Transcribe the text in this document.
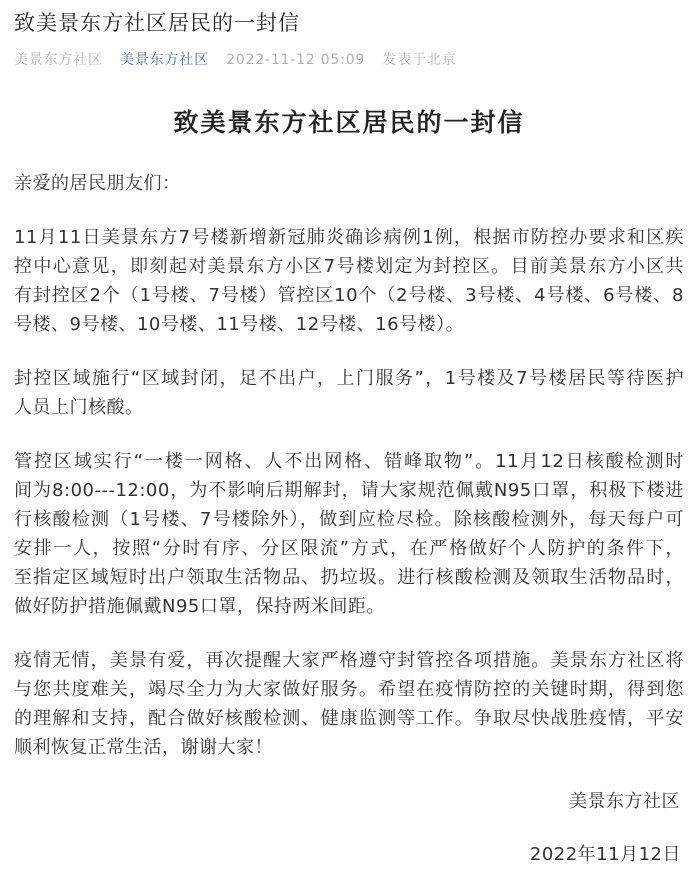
致美景东方社区居民的一封信
美景东方社区 美景东方社区 2022-11-12 05:09 发表于北京
致美景东方社区居民的一封信
亲爱的居民朋友们：
11月11日美景东方7号楼新增新冠肺炎确诊病例1例，根据市防控办要求和区疾
控中心意见，即刻起对美景东方小区7号楼划定为封控区。目前美景东方小区共
有封控区2个（1号楼、7号楼）管控区10个（2号楼、3号楼、4号楼、6号楼、8
号楼、9号楼、10号楼、11号楼、12号楼、16号楼）。
封控区域施行“区域封闭，足不出户，上门服务”，1号楼及7号楼居民等待医护
人员上门核酸。
管控区域实行“一楼一网格、人不出网格、错峰取物”。11月12日核酸检测时
间为8:00---12:00，为不影响后期解封，请大家规范佩戴N95口罩，积极下楼进
行核酸检测（1号楼、7号楼除外），做到应检尽检。除核酸检测外，每天每户可
安排一人，按照“分时有序、分区限流”方式，在严格做好个人防护的条件下，
至指定区域短时出户领取生活物品、扔垃圾。进行核酸检测及领取生活物品时，
做好防护措施佩戴N95口罩，保持两米间距。
疫情无情，美景有爱，再次提醒大家严格遵守封管控各项措施。美景东方社区将
与您共度难关，竭尽全力为大家做好服务。希望在疫情防控的关键时期，得到您
的理解和支持，配合做好核酸检测、健康监测等工作。争取尽快战胜疫情，平安
顺利恢复正常生活，谢谢大家！
美景东方社区
2022年11月12日
